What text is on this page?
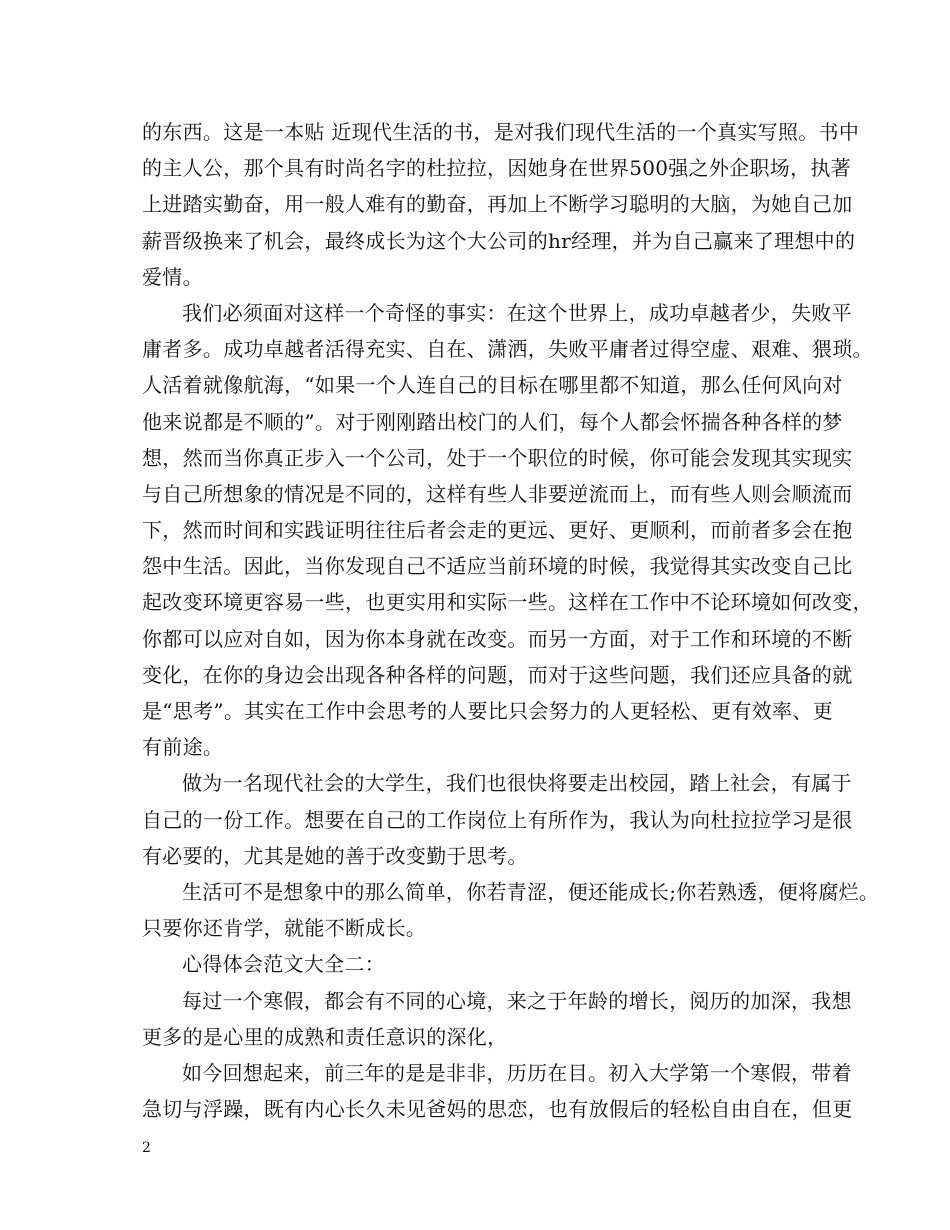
的东西。这是一本贴 近现代生活的书，是对我们现代生活的一个真实写照。书中
的主人公，那个具有时尚名字的杜拉拉，因她身在世界500强之外企职场，执著
上进踏实勤奋，用一般人难有的勤奋，再加上不断学习聪明的大脑，为她自己加
薪晋级换来了机会，最终成长为这个大公司的hr经理，并为自己赢来了理想中的
爱情。
我们必须面对这样一个奇怪的事实：在这个世界上，成功卓越者少，失败平
庸者多。成功卓越者活得充实、自在、潇洒，失败平庸者过得空虚、艰难、猥琐。
人活着就像航海，“如果一个人连自己的目标在哪里都不知道，那么任何风向对
他来说都是不顺的”。对于刚刚踏出校门的人们，每个人都会怀揣各种各样的梦
想，然而当你真正步入一个公司，处于一个职位的时候，你可能会发现其实现实
与自己所想象的情况是不同的，这样有些人非要逆流而上，而有些人则会顺流而
下，然而时间和实践证明往往后者会走的更远、更好、更顺利，而前者多会在抱
怨中生活。因此，当你发现自己不适应当前环境的时候，我觉得其实改变自己比
起改变环境更容易一些，也更实用和实际一些。这样在工作中不论环境如何改变，
你都可以应对自如，因为你本身就在改变。而另一方面，对于工作和环境的不断
变化，在你的身边会出现各种各样的问题，而对于这些问题，我们还应具备的就
是“思考”。其实在工作中会思考的人要比只会努力的人更轻松、更有效率、更
有前途。
做为一名现代社会的大学生，我们也很快将要走出校园，踏上社会，有属于
自己的一份工作。想要在自己的工作岗位上有所作为，我认为向杜拉拉学习是很
有必要的，尤其是她的善于改变勤于思考。
生活可不是想象中的那么简单，你若青涩，便还能成长;你若熟透，便将腐烂。
只要你还肯学，就能不断成长。
心得体会范文大全二：
每过一个寒假，都会有不同的心境，来之于年龄的增长，阅历的加深，我想
更多的是心里的成熟和责任意识的深化，
如今回想起来，前三年的是是非非，历历在目。初入大学第一个寒假，带着
急切与浮躁，既有内心长久未见爸妈的思恋，也有放假后的轻松自由自在，但更
2
